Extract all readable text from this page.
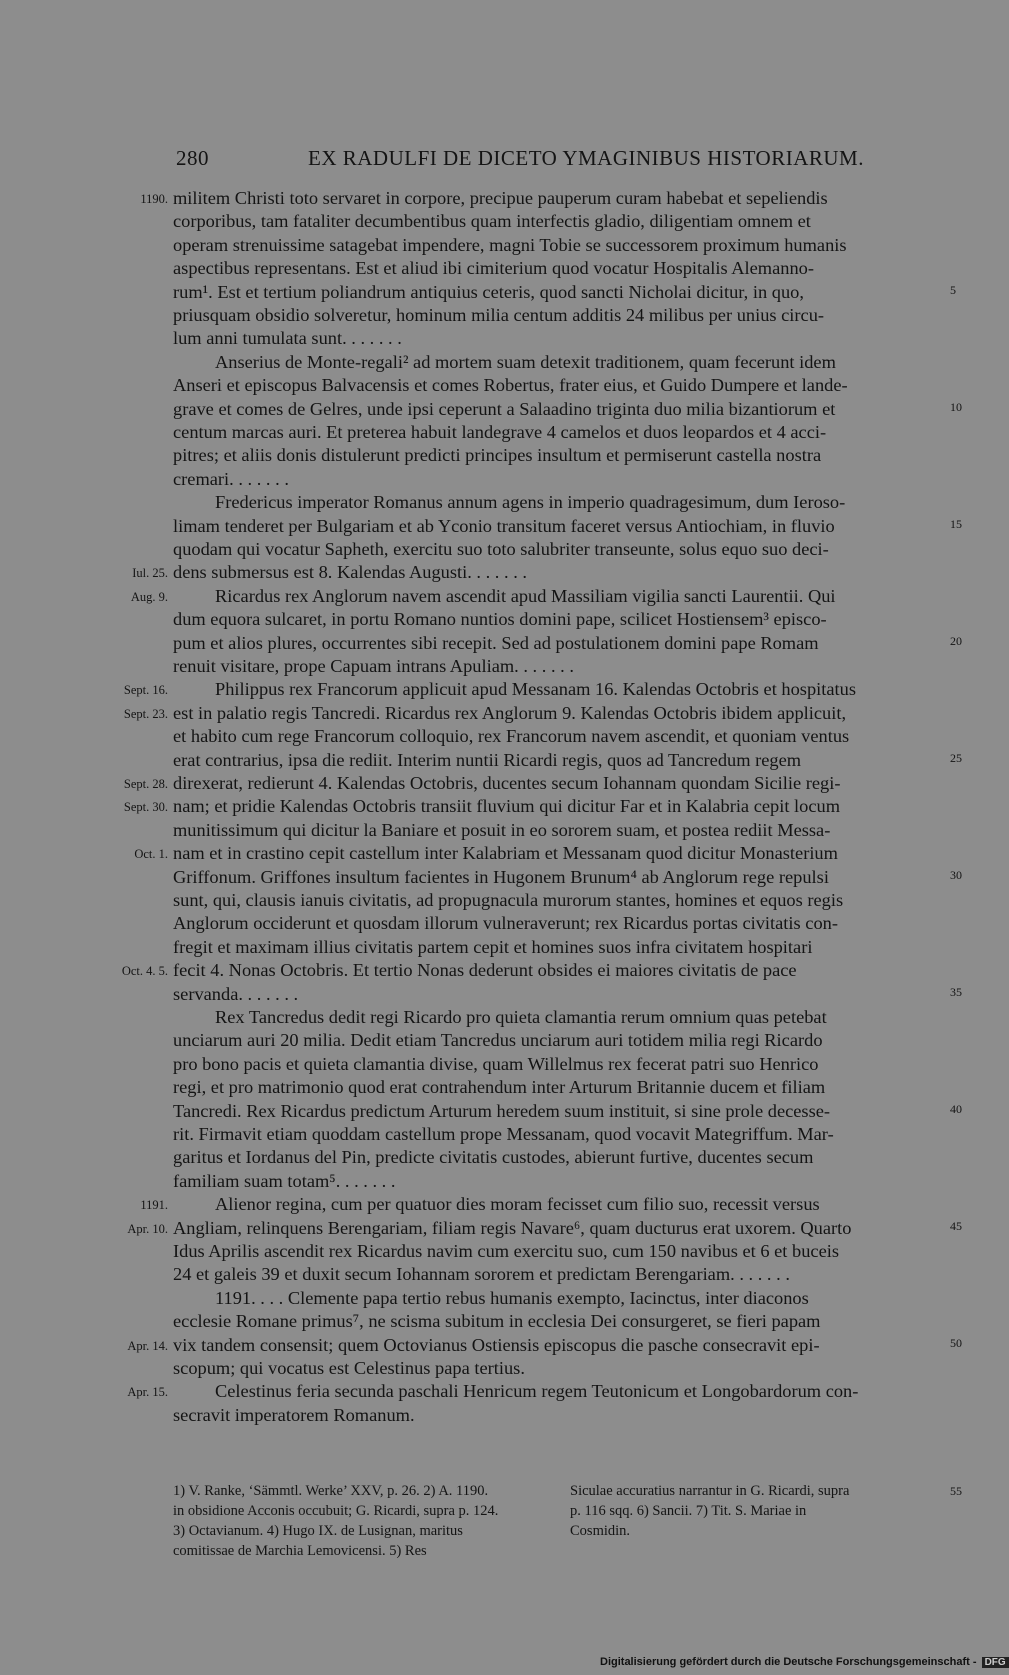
280	EX RADULFI DE DICETO YMAGINIBUS HISTORIARUM.
militem Christi toto servaret in corpore, precipue pauperum curam habebat et sepeliendis
1190.
corporibus, tam fataliter decumbentibus quam interfectis gladio, diligentiam omnem et
operam strenuissime satagebat impendere, magni Tobie se successorem proximum humanis
aspectibus representans. Est et aliud ibi cimiterium quod vocatur Hospitalis Alemanno-
rum¹. Est et tertium poliandrum antiquius ceteris, quod sancti Nicholai dicitur, in quo,	5
priusquam obsidio solveretur, hominum milia centum additis 24 milibus per unius circu-
lum anni tumulata sunt. . . . . . .
Anserius de Monte-regali² ad mortem suam detexit traditionem, quam fecerunt idem
Anseri et episcopus Balvacensis et comes Robertus, frater eius, et Guido Dumpere et lande-
grave et comes de Gelres, unde ipsi ceperunt a Salaadino triginta duo milia bizantiorum et	10
centum marcas auri. Et preterea habuit landegrave 4 camelos et duos leopardos et 4 acci-
pitres; et aliis donis distulerunt predicti principes insultum et permiserunt castella nostra
cremari. . . . . . .
Fredericus imperator Romanus annum agens in imperio quadragesimum, dum Ieroso-
limam tenderet per Bulgariam et ab Yconio transitum faceret versus Antiochiam, in fluvio	15
quodam qui vocatur Sapheth, exercitu suo toto salubriter transeunte, solus equo suo deci-
dens submersus est 8. Kalendas Augusti. . . . . . .
Iul. 25.
Ricardus rex Anglorum navem ascendit apud Massiliam vigilia sancti Laurentii. Qui
Aug. 9.
dum equora sulcaret, in portu Romano nuntios domini pape, scilicet Hostiensem³ episco-
pum et alios plures, occurrentes sibi recepit. Sed ad postulationem domini pape Romam	20
renuit visitare, prope Capuam intrans Apuliam. . . . . . .
Philippus rex Francorum applicuit apud Messanam 16. Kalendas Octobris et hospitatus
Sept. 16.
est in palatio regis Tancredi. Ricardus rex Anglorum 9. Kalendas Octobris ibidem applicuit,
Sept. 23.
et habito cum rege Francorum colloquio, rex Francorum navem ascendit, et quoniam ventus
erat contrarius, ipsa die rediit. Interim nuntii Ricardi regis, quos ad Tancredum regem	25
direxerat, redierunt 4. Kalendas Octobris, ducentes secum Iohannam quondam Sicilie regi-
Sept. 28.
nam; et pridie Kalendas Octobris transiit fluvium qui dicitur Far et in Kalabria cepit locum
Sept. 30.
munitissimum qui dicitur la Baniare et posuit in eo sororem suam, et postea rediit Messa-
nam et in crastino cepit castellum inter Kalabriam et Messanam quod dicitur Monasterium
Oct. 1.
Griffonum. Griffones insultum facientes in Hugonem Brunum⁴ ab Anglorum rege repulsi	30
sunt, qui, clausis ianuis civitatis, ad propugnacula murorum stantes, homines et equos regis
Anglorum occiderunt et quosdam illorum vulneraverunt; rex Ricardus portas civitatis con-
fregit et maximam illius civitatis partem cepit et homines suos infra civitatem hospitari
fecit 4. Nonas Octobris. Et tertio Nonas dederunt obsides ei maiores civitatis de pace
Oct. 4. 5.
servanda. . . . . . .	35
Rex Tancredus dedit regi Ricardo pro quieta clamantia rerum omnium quas petebat
unciarum auri 20 milia. Dedit etiam Tancredus unciarum auri totidem milia regi Ricardo
pro bono pacis et quieta clamantia divise, quam Willelmus rex fecerat patri suo Henrico
regi, et pro matrimonio quod erat contrahendum inter Arturum Britannie ducem et filiam
Tancredi. Rex Ricardus predictum Arturum heredem suum instituit, si sine prole decesse-	40
rit. Firmavit etiam quoddam castellum prope Messanam, quod vocavit Mategriffum. Mar-
garitus et Iordanus del Pin, predicte civitatis custodes, abierunt furtive, ducentes secum
familiam suam totam⁵. . . . . . .
Alienor regina, cum per quatuor dies moram fecisset cum filio suo, recessit versus
1191.
Angliam, relinquens Berengariam, filiam regis Navare⁶, quam ducturus erat uxorem. Quarto
Apr. 10.	45
Idus Aprilis ascendit rex Ricardus navim cum exercitu suo, cum 150 navibus et 6 et buceis
24 et galeis 39 et duxit secum Iohannam sororem et predictam Berengariam. . . . . . .
1191. . . . Clemente papa tertio rebus humanis exempto, Iacinctus, inter diaconos
ecclesie Romane primus⁷, ne scisma subitum in ecclesia Dei consurgeret, se fieri papam
vix tandem consensit; quem Octovianus Ostiensis episcopus die pasche consecravit epi-
Apr. 14.	50
scopum; qui vocatus est Celestinus papa tertius.
Celestinus feria secunda paschali Henricum regem Teutonicum et Longobardorum con-
Apr. 15.
secravit imperatorem Romanum.
1) V. Ranke, ‘Sämmtl. Werke’ XXV, p. 26. 2) A. 1190.
in obsidione Acconis occubuit; G. Ricardi, supra p. 124.
3) Octavianum. 4) Hugo IX. de Lusignan, maritus
comitissae de Marchia Lemovicensi. 5) Res
Siculae accuratius narrantur in G. Ricardi, supra
p. 116 sqq. 6) Sancii. 7) Tit. S. Mariae in
Cosmidin.
55
Digitalisierung gefördert durch die Deutsche Forschungsgemeinschaft - DFG
